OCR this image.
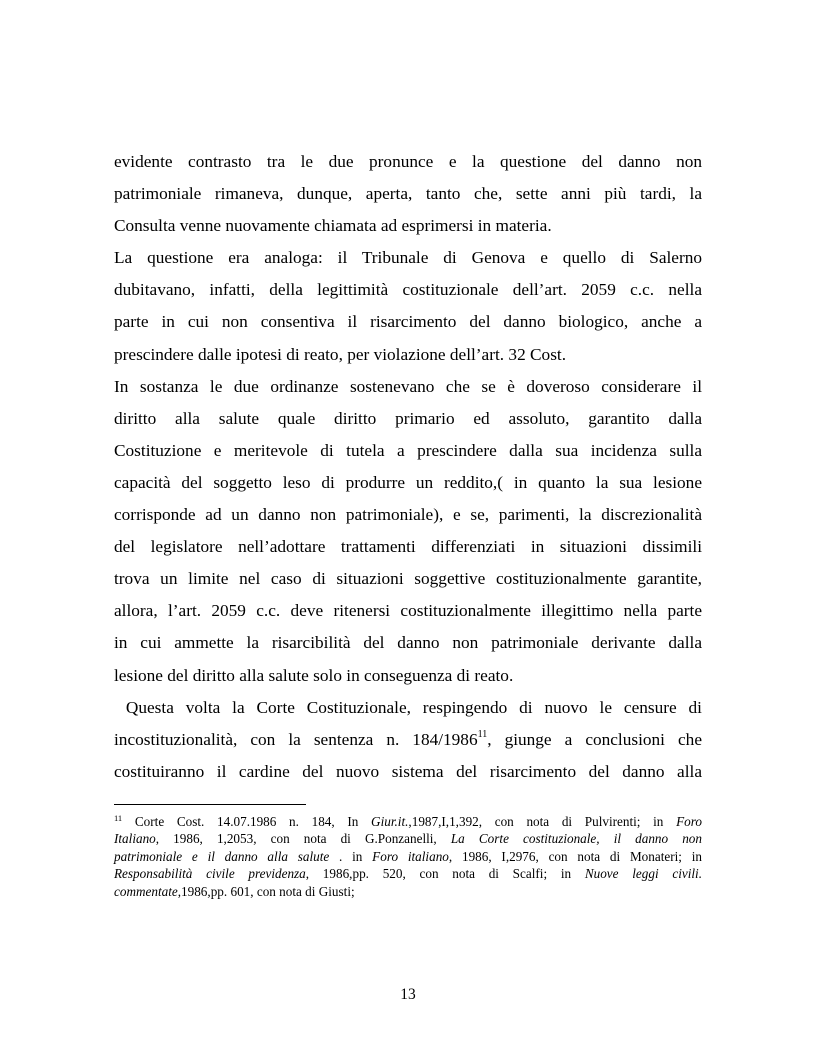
evidente contrasto tra le due pronunce e la questione del danno non
patrimoniale rimaneva, dunque, aperta, tanto che, sette anni più tardi, la
Consulta venne nuovamente chiamata ad esprimersi in materia.
La questione era analoga: il Tribunale di Genova e quello di Salerno
dubitavano, infatti, della legittimità costituzionale dell’art. 2059 c.c. nella
parte in cui non consentiva il risarcimento del danno biologico, anche a
prescindere dalle ipotesi di reato, per violazione dell’art. 32 Cost.
In sostanza le due ordinanze sostenevano che se è doveroso considerare il
diritto alla salute quale diritto primario ed assoluto, garantito dalla
Costituzione e meritevole di tutela a prescindere dalla sua incidenza sulla
capacità del soggetto leso di produrre un reddito,( in quanto la sua lesione
corrisponde ad un danno non patrimoniale), e se, parimenti, la discrezionalità
del legislatore nell’adottare trattamenti differenziati in situazioni dissimili
trova un limite nel caso di situazioni soggettive costituzionalmente garantite,
allora, l’art. 2059 c.c. deve ritenersi costituzionalmente illegittimo nella parte
in cui ammette la risarcibilità del danno non patrimoniale derivante dalla
lesione del diritto alla salute solo in conseguenza di reato.
Questa volta la Corte Costituzionale, respingendo di nuovo le censure di
incostituzionalità, con la sentenza n. 184/1986$^{11}$, giunge a conclusioni che
costituiranno il cardine del nuovo sistema del risarcimento del danno alla
$^{11}$ Corte Cost. 14.07.1986 n. 184, In Giur.it.,1987,I,1,392, con nota di Pulvirenti; in Foro
Italiano, 1986, 1,2053, con nota di G.Ponzanelli, La Corte costituzionale, il danno non
patrimoniale e il danno alla salute . in Foro italiano, 1986, I,2976, con nota di Monateri; in
Responsabilità civile previdenza, 1986,pp. 520, con nota di Scalfi; in Nuove leggi civili.
commentate,1986,pp. 601, con nota di Giusti;
13
